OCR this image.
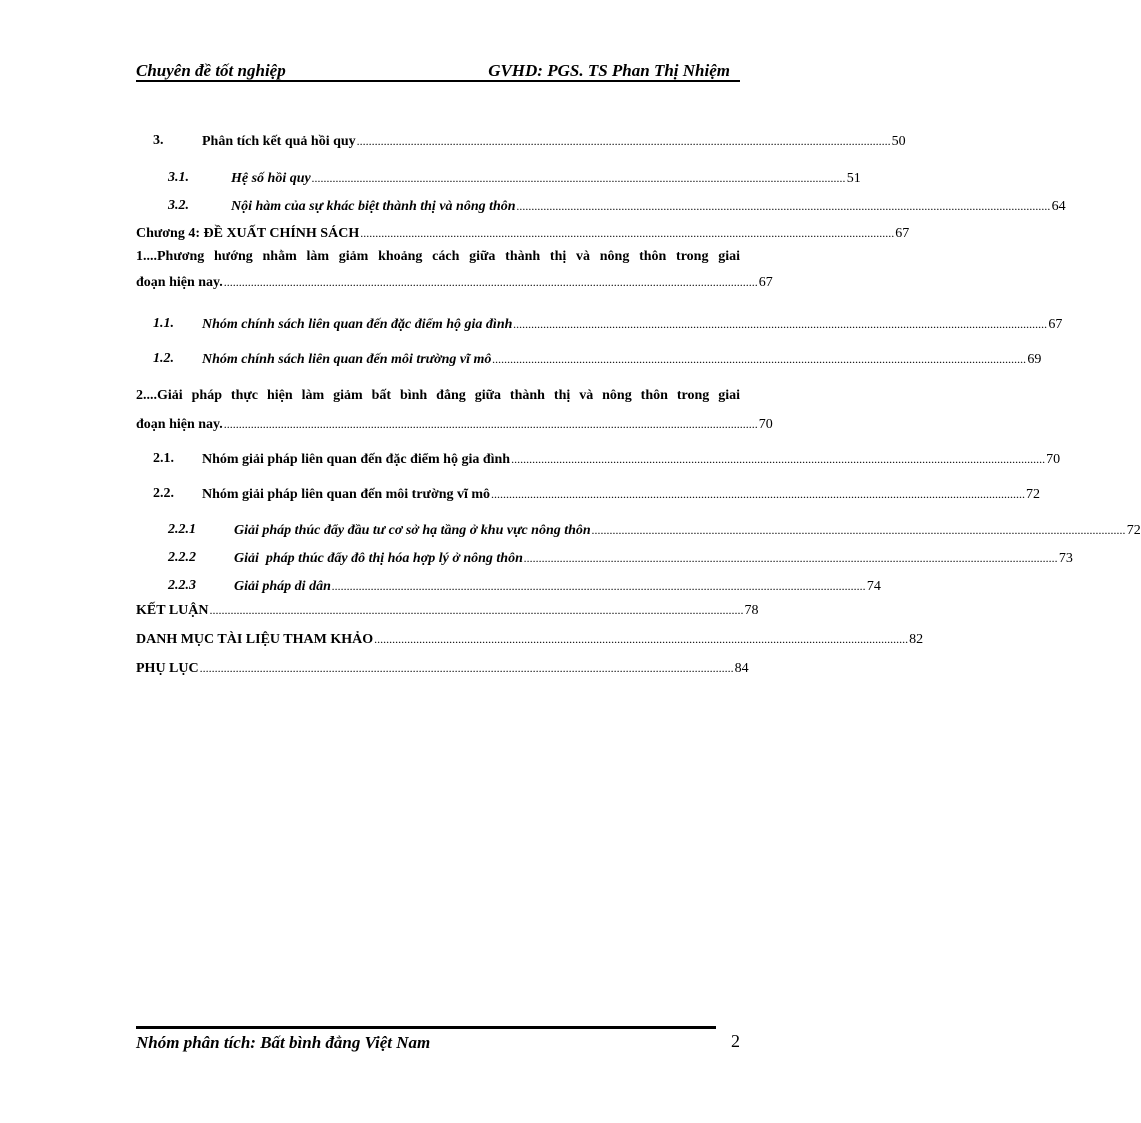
Chuyên đề tốt nghiệp	GVHD: PGS. TS Phan Thị Nhiệm
3.	Phân tích kết quả hồi quy .................................................................................................................................................................................. 50
3.1.	Hệ số hồi quy .................................................................................................................................................................................. 51
3.2.	Nội hàm của sự khác biệt thành thị và nông thôn .................................................................................................................................................................................. 64
Chương 4: ĐỀ XUẤT CHÍNH SÁCH .................................................................................................................................................................................. 67
1....Phương hướng nhằm làm giảm khoảng cách giữa thành thị và nông thôn trong giai
đoạn hiện nay. .................................................................................................................................................................................. 67
1.1. Nhóm chính sách liên quan đến đặc điểm hộ gia đình .................................................................................................................................................................................. 67
1.2. Nhóm chính sách liên quan đến môi trường vĩ mô .................................................................................................................................................................................. 69
2....Giải pháp thực hiện làm giảm bất bình đẳng giữa thành thị và nông thôn trong giai
đoạn hiện nay. .................................................................................................................................................................................. 70
2.1. Nhóm giải pháp liên quan đến đặc điểm hộ gia đình .................................................................................................................................................................................. 70
2.2. Nhóm giải pháp liên quan đến môi trường vĩ mô .................................................................................................................................................................................. 72
2.2.1	Giải pháp thúc đẩy đầu tư cơ sở hạ tầng ở khu vực nông thôn .................................................................................................................................................................................. 72
2.2.2	Giải  pháp thúc đẩy đô thị hóa hợp lý ở nông thôn .................................................................................................................................................................................. 73
2.2.3	Giải pháp di dân .................................................................................................................................................................................. 74
KẾT LUẬN .................................................................................................................................................................................. 78
DANH MỤC TÀI LIỆU THAM KHẢO .................................................................................................................................................................................. 82
PHỤ LỤC .................................................................................................................................................................................. 84
Nhóm phân tích: Bất bình đẳng Việt Nam	2
